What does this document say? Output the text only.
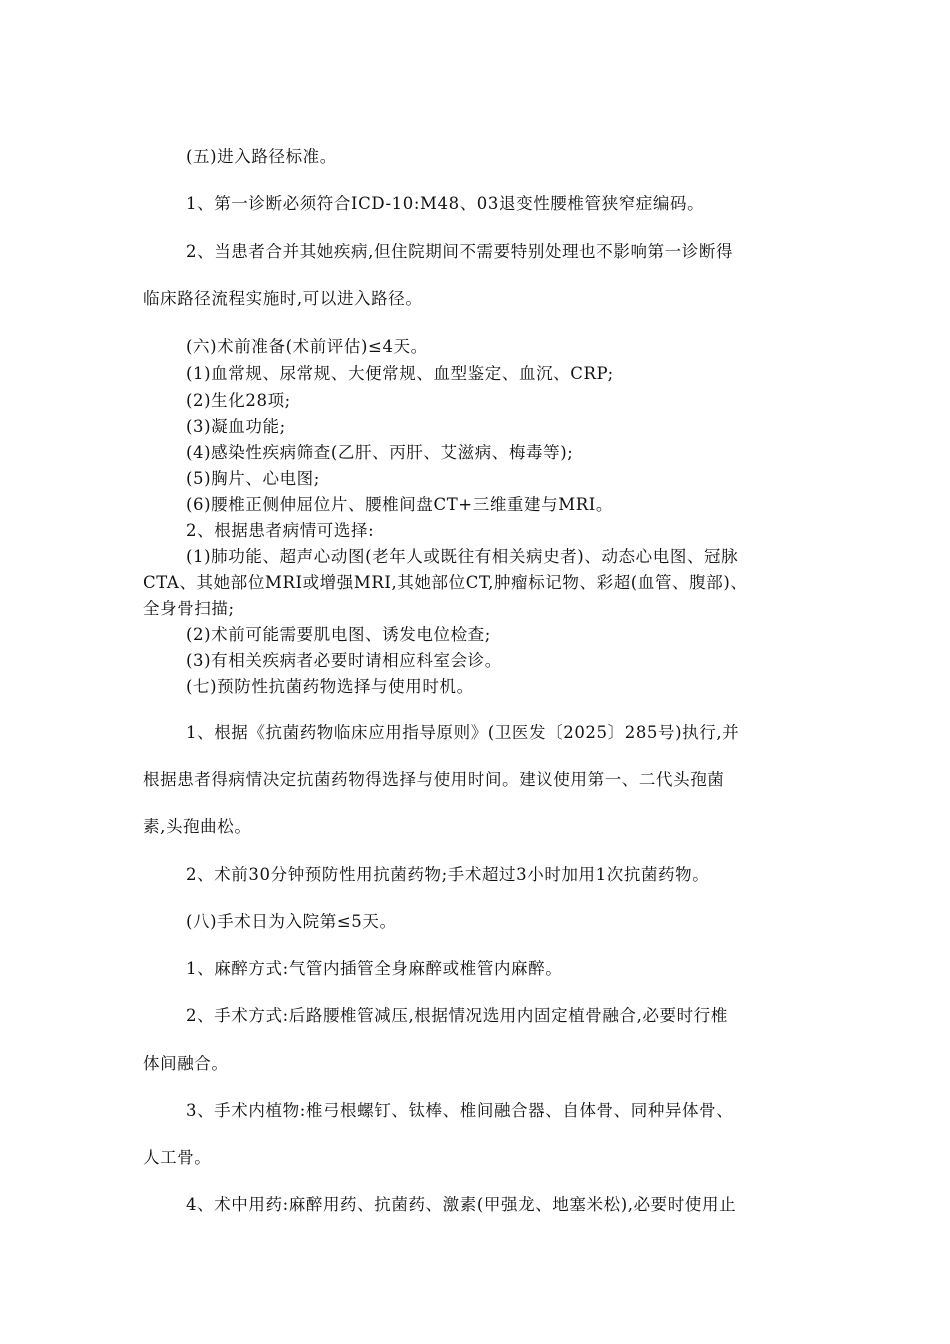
(五)进入路径标准。
1、第一诊断必须符合ICD-10:M48、03退变性腰椎管狭窄症编码。
2、当患者合并其她疾病,但住院期间不需要特别处理也不影响第一诊断得
临床路径流程实施时,可以进入路径。
(六)术前准备(术前评估)≤4天。
(1)血常规、尿常规、大便常规、血型鉴定、血沉、CRP;
(2)生化28项;
(3)凝血功能;
(4)感染性疾病筛查(乙肝、丙肝、艾滋病、梅毒等);
(5)胸片、心电图;
(6)腰椎正侧伸屈位片、腰椎间盘CT+三维重建与MRI。
2、根据患者病情可选择:
(1)肺功能、超声心动图(老年人或既往有相关病史者)、动态心电图、冠脉
CTA、其她部位MRI或增强MRI,其她部位CT,肿瘤标记物、彩超(血管、腹部)、
全身骨扫描;
(2)术前可能需要肌电图、诱发电位检查;
(3)有相关疾病者必要时请相应科室会诊。
(七)预防性抗菌药物选择与使用时机。
1、根据《抗菌药物临床应用指导原则》(卫医发〔2025〕285号)执行,并
根据患者得病情决定抗菌药物得选择与使用时间。建议使用第一、二代头孢菌
素,头孢曲松。
2、术前30分钟预防性用抗菌药物;手术超过3小时加用1次抗菌药物。
(八)手术日为入院第≤5天。
1、麻醉方式:气管内插管全身麻醉或椎管内麻醉。
2、手术方式:后路腰椎管减压,根据情况选用内固定植骨融合,必要时行椎
体间融合。
3、手术内植物:椎弓根螺钉、钛棒、椎间融合器、自体骨、同种异体骨、
人工骨。
4、术中用药:麻醉用药、抗菌药、激素(甲强龙、地塞米松),必要时使用止
